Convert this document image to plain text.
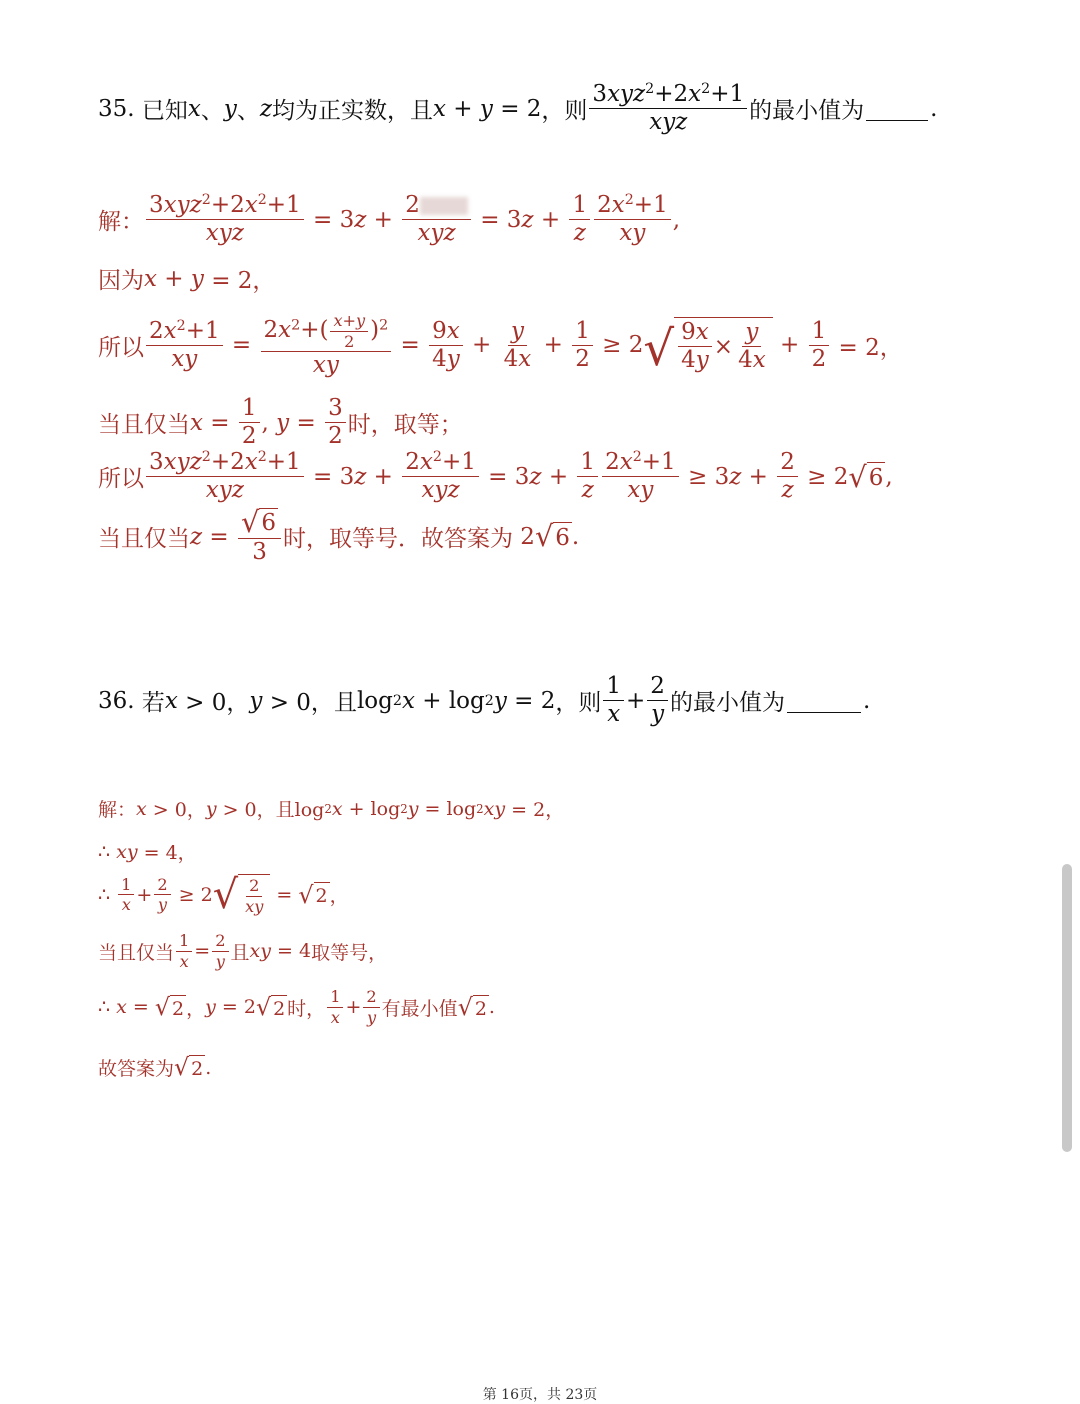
35.
已知 x 、 y 、 z 均为正实数，且 x + y = 2 ，则 $\frac{3xyz^2+2x^2+1}{\text{xyz}}$ 的最小值为	.
解： $\frac{3xyz^2+2x^2+1}{\text{xyz}} = 3$ $z + \frac{2}{\text{xyz}} = 3$ $z + \frac{1}{z} \frac{2x^2+1}{xy}$ ,
因为 x + y = 2，
所以 $\frac{2x^2+1}{xy} = \frac{2x^2+( \frac{x+y}{2} )^2}{xy} = \frac{9x}{4y} + \frac{y}{4x} + \frac{1}{2} \ge 2$ √ $\frac{9x}{4y} \times \frac{y}{4x} + \frac{1}{2} = 2$，
当且仅当 $x = \frac{1}{2}$ , $y = \frac{3}{2}$ 时，取等；
所以 $\frac{3xyz^2+2x^2+1}{\text{xyz}} = 3$ $z + \frac{2x^2+1}{\text{xyz}} = 3$ $z + \frac{1}{z} \frac{2x^2+1}{xy} \ge 3$ $z + \frac{2}{z} \ge 2$ √ 6 ,
当且仅当 $z = \frac{√ 6}{3}$ 时，取等号．故答案为 2 √ 6 .
36.
若 x > 0， y > 0， 且 log 2 x + log 2 y = 2 ，则 $\frac{1}{x} + \frac{2}{y}$ 的最小值为	.
解： x > 0， y > 0，且log 2 x + log 2 y = log 2 xy = 2，
∴
xy = 4，
∴
$\frac{1}{x} + \frac{2}{y} \ge 2$ √ $\frac{2}{xy}$ = √ 2 ，
当且仅当 $\frac{1}{x} = \frac{2}{y}$ 且 xy = 4 取等号，
∴
x = √ 2 ， y = 2 √ 2 时， $\frac{1}{x} + \frac{2}{y}$ 有最小值 √ 2 .
故答案为 √ 2 .
第 16页，共 23页
